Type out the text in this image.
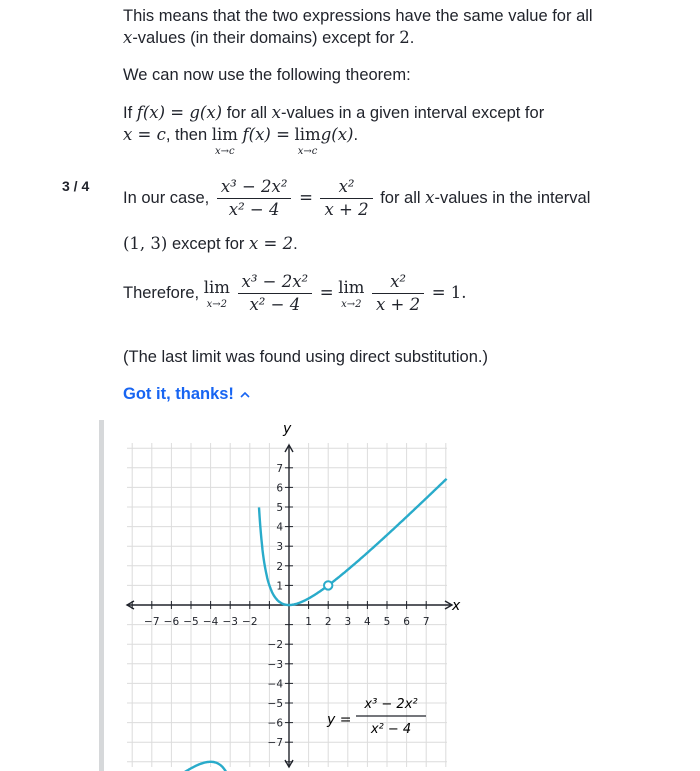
3 / 4
This means that the two expressions have the same value for all
x-values (in their domains) except for 2.
We can now use the following theorem:
If f(x) = g(x) for all x-values in a given interval except for
x = c, then lim
x→c
f(x) = lim
x→c
g(x).
In our case, $\frac{\text{x³ − 2x²}}{\text{x² − 4}} = \frac{\text{x²}}{x + 2}$ for all x-values in the interval
(1, 3) except for x = 2.
Therefore, lim
x→2
$\frac{\text{x³ − 2x²}}{\text{x² − 4}} = \lim$
x→2
$\frac{\text{x²}}{x + 2} = 1$.
(The last limit was found using direct substitution.)
Got it, thanks!
−7 −6 −5 −4 −3 −2	1 2 3 4 5 6 7
7
6
5
4
3
2
1
−2
−3
−4
−5
−6
−7
x
y
y =
x³ − 2x²
x² − 4
